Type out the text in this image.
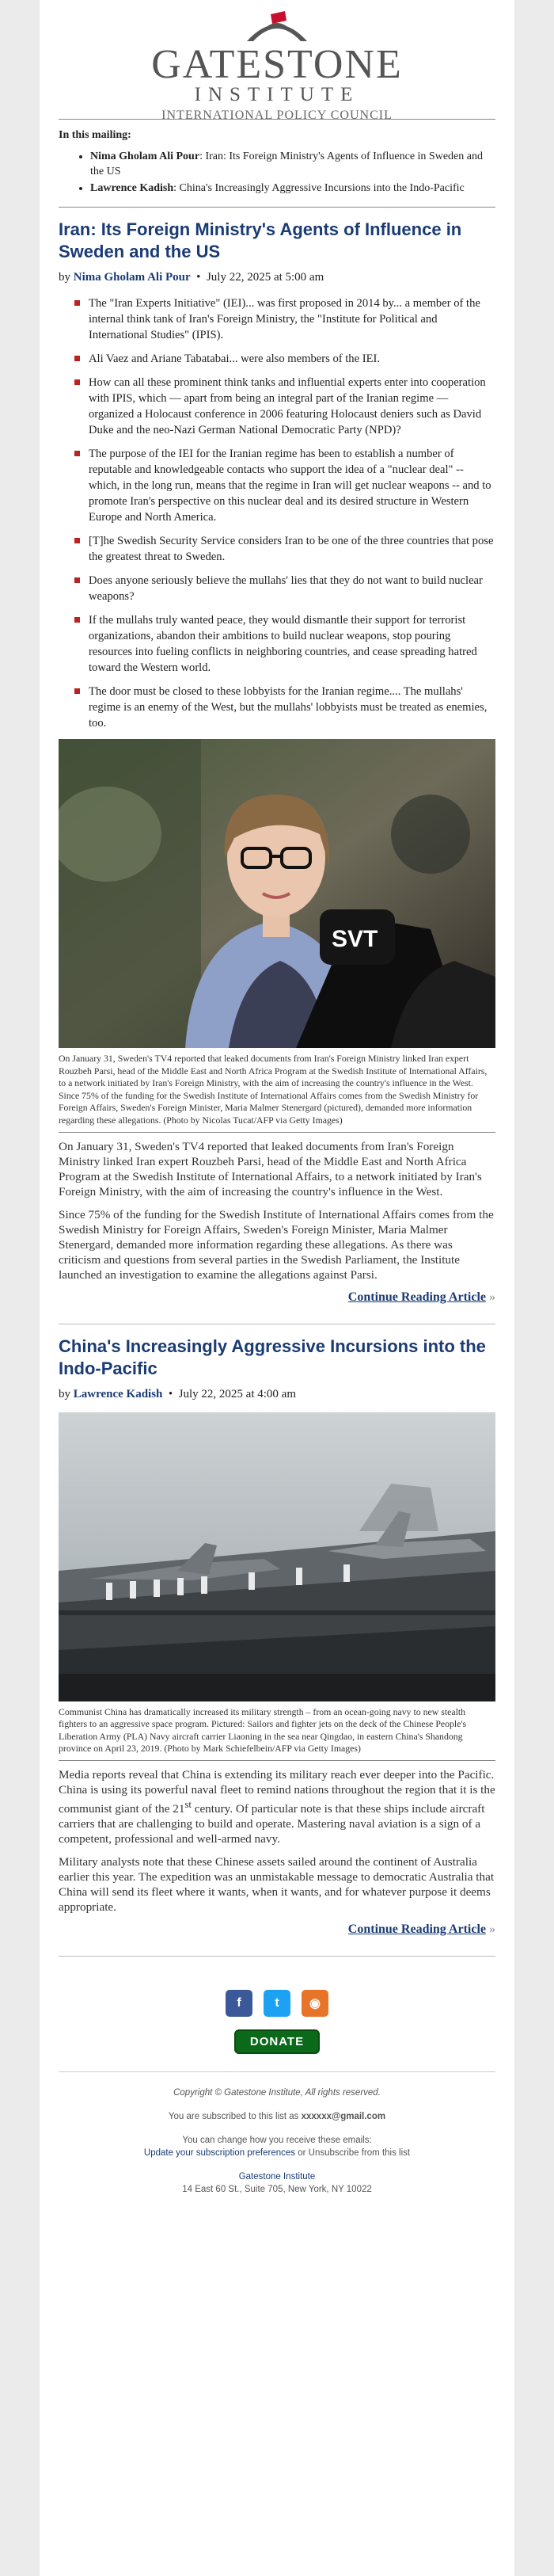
GATESTONE
INSTITUTE
INTERNATIONAL POLICY COUNCIL
In this mailing:
• Nima Gholam Ali Pour: Iran: Its Foreign Ministry's Agents of Influence in Sweden and the US
• Lawrence Kadish: China's Increasingly Aggressive Incursions into the Indo-Pacific
Iran: Its Foreign Ministry's Agents of Influence in Sweden and the US
by Nima Gholam Ali Pour  •  July 22, 2025 at 5:00 am
The "Iran Experts Initiative" (IEI)... was first proposed in 2014 by... a member of the internal think tank of Iran's Foreign Ministry, the "Institute for Political and International Studies" (IPIS).
Ali Vaez and Ariane Tabatabai... were also members of the IEI.
How can all these prominent think tanks and influential experts enter into cooperation with IPIS, which — apart from being an integral part of the Iranian regime — organized a Holocaust conference in 2006 featuring Holocaust deniers such as David Duke and the neo-Nazi German National Democratic Party (NPD)?
The purpose of the IEI for the Iranian regime has been to establish a number of reputable and knowledgeable contacts who support the idea of a "nuclear deal" -- which, in the long run, means that the regime in Iran will get nuclear weapons -- and to promote Iran's perspective on this nuclear deal and its desired structure in Western Europe and North America.
[T]he Swedish Security Service considers Iran to be one of the three countries that pose the greatest threat to Sweden.
Does anyone seriously believe the mullahs' lies that they do not want to build nuclear weapons?
If the mullahs truly wanted peace, they would dismantle their support for terrorist organizations, abandon their ambitions to build nuclear weapons, stop pouring resources into fueling conflicts in neighboring countries, and cease spreading hatred toward the Western world.
The door must be closed to these lobbyists for the Iranian regime.... The mullahs' regime is an enemy of the West, but the mullahs' lobbyists must be treated as enemies, too.
SVT
On January 31, Sweden's TV4 reported that leaked documents from Iran's Foreign Ministry linked Iran expert Rouzbeh Parsi, head of the Middle East and North Africa Program at the Swedish Institute of International Affairs, to a network initiated by Iran's Foreign Ministry, with the aim of increasing the country's influence in the West. Since 75% of the funding for the Swedish Institute of International Affairs comes from the Swedish Ministry for Foreign Affairs, Sweden's Foreign Minister, Maria Malmer Stenergard (pictured), demanded more information regarding these allegations. (Photo by Nicolas Tucat/AFP via Getty Images)

On January 31, Sweden's TV4 reported that leaked documents from Iran's Foreign Ministry linked Iran expert Rouzbeh Parsi, head of the Middle East and North Africa Program at the Swedish Institute of International Affairs, to a network initiated by Iran's Foreign Ministry, with the aim of increasing the country's influence in the West.

Since 75% of the funding for the Swedish Institute of International Affairs comes from the Swedish Ministry for Foreign Affairs, Sweden's Foreign Minister, Maria Malmer Stenergard, demanded more information regarding these allegations. As there was criticism and questions from several parties in the Swedish Parliament, the Institute launched an investigation to examine the allegations against Parsi.

Continue Reading Article »
China's Increasingly Aggressive Incursions into the Indo-Pacific
by Lawrence Kadish  •  July 22, 2025 at 4:00 am
Communist China has dramatically increased its military strength – from an ocean-going navy to new stealth fighters to an aggressive space program. Pictured: Sailors and fighter jets on the deck of the Chinese People's Liberation Army (PLA) Navy aircraft carrier Liaoning in the sea near Qingdao, in eastern China's Shandong province on April 23, 2019. (Photo by Mark Schiefelbein/AFP via Getty Images)

Media reports reveal that China is extending its military reach ever deeper into the Pacific. China is using its powerful naval fleet to remind nations throughout the region that it is the communist giant of the 21st century. Of particular note is that these ships include aircraft carriers that are challenging to build and operate. Mastering naval aviation is a sign of a competent, professional and well-armed navy.

Military analysts note that these Chinese assets sailed around the continent of Australia earlier this year. The expedition was an unmistakable message to democratic Australia that China will send its fleet where it wants, when it wants, and for whatever purpose it deems appropriate.

Continue Reading Article »
f	t	◉
DONATE
Copyright © Gatestone Institute, All rights reserved.
You are subscribed to this list as xxxxxx@gmail.com
You can change how you receive these emails:
Update your subscription preferences or Unsubscribe from this list
Gatestone Institute
14 East 60 St., Suite 705, New York, NY 10022
